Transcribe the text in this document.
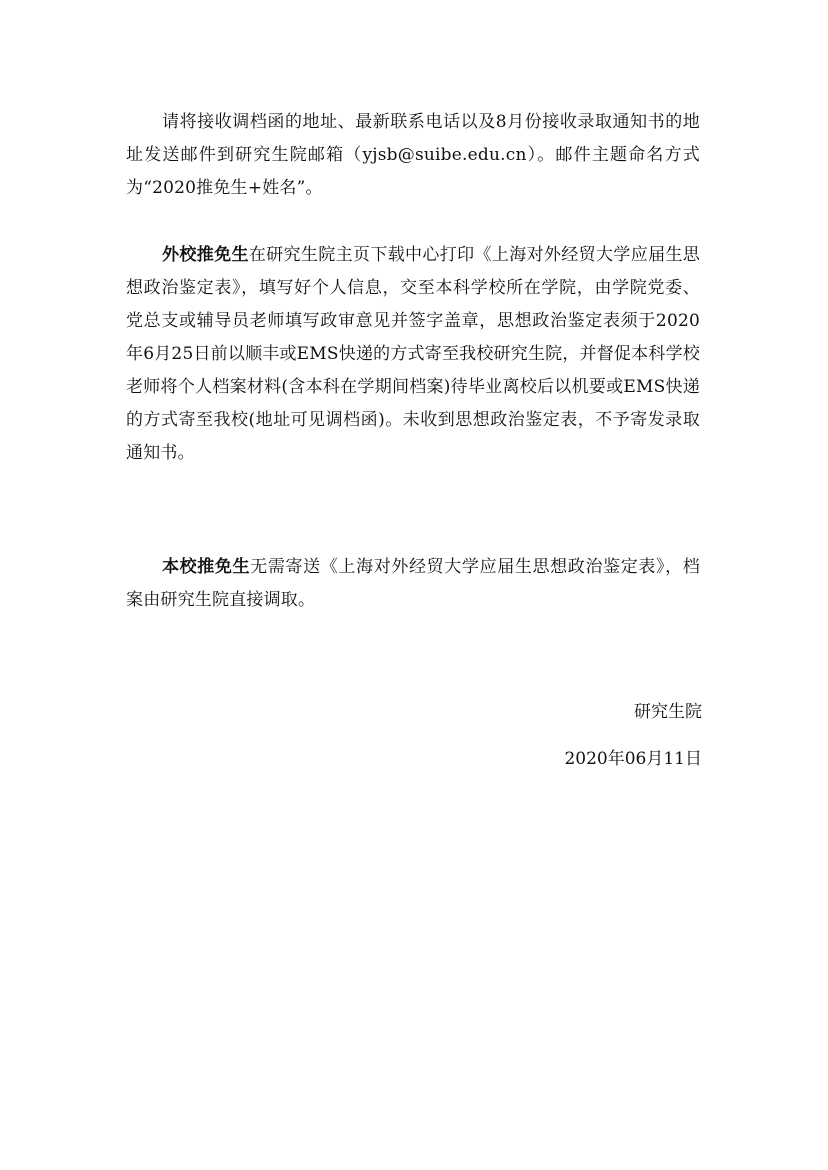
请将接收调档函的地址、最新联系电话以及8月份接收录取通知书的地址发送邮件到研究生院邮箱（yjsb@suibe.edu.cn）。邮件主题命名方式为“2020推免生+姓名”。

外校推免生在研究生院主页下载中心打印《上海对外经贸大学应届生思想政治鉴定表》，填写好个人信息，交至本科学校所在学院，由学院党委、党总支或辅导员老师填写政审意见并签字盖章，思想政治鉴定表须于2020年6月25日前以顺丰或EMS快递的方式寄至我校研究生院，并督促本科学校老师将个人档案材料(含本科在学期间档案)待毕业离校后以机要或EMS快递的方式寄至我校(地址可见调档函)。未收到思想政治鉴定表，不予寄发录取通知书。

本校推免生无需寄送《上海对外经贸大学应届生思想政治鉴定表》，档案由研究生院直接调取。

研究生院
2020年06月11日
